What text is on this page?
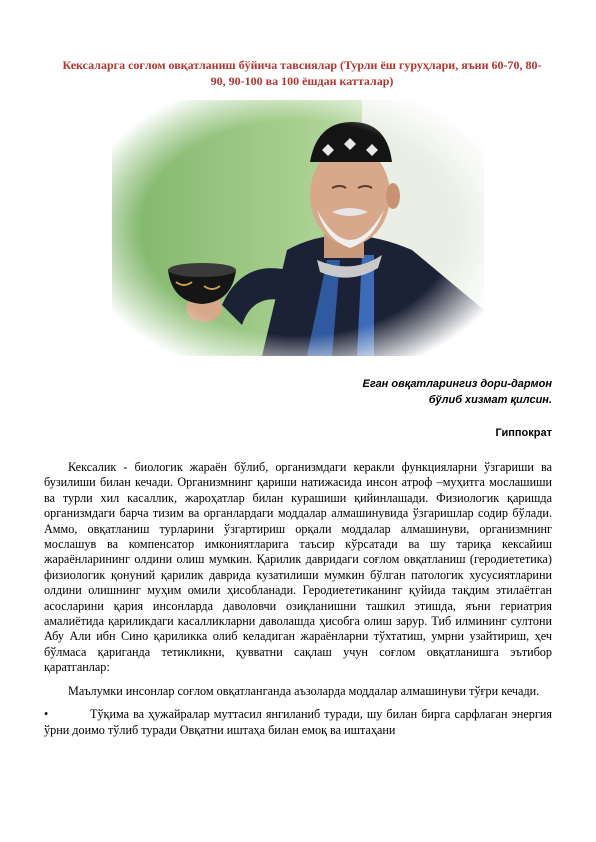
Кексаларга соғлом овқатланиш бўйича тавсиялар (Турли ёш гуруҳлари, яъни 60-70, 80-90, 90-100 ва 100 ёшдан катталар)
Еган овқатларингиз дори-дармон
бўлиб хизмат қилсин.
Гиппократ

Кексалик - биологик жараён бўлиб, организмдаги керакли функцияларни ўзгариши ва бузилиши билан кечади. Организмнинг қариши натижасида инсон атроф –муҳитга мослашиши ва турли хил касаллик, жароҳатлар билан курашиши қийинлашади. Физиологик қаришда организмдаги барча тизим ва органлардаги моддалар алмашинувида ўзгаришлар содир бўлади. Аммо, овқатланиш турларини ўзгартириш орқали моддалар алмашинуви, организмнинг мослашув ва компенсатор имкониятларига таъсир кўрсатади ва шу тариқа кексайиш жараёнларининг олдини олиш мумкин. Қарилик давридаги соғлом овқатланиш (геродиететика) физиологик қонуний қарилик даврида кузатилиши мумкин бўлган патологик хусусиятларини олдини олишнинг муҳим омили ҳисобланади. Геродиететиканинг қуйида тақдим этилаётган асосларини қария инсонларда даволовчи озиқланишни ташкил этишда, яъни гериатрия амалиётида қариликдаги касалликларни даволашда ҳисобга олиш зарур. Тиб илмининг султони Абу Али ибн Сино қариликка олиб келадиган жараёнларни тўхтатиш, умрни узайтириш, ҳеч бўлмаса қариганда тетикликни, қувватни сақлаш учун соғлом овқатланишга эътибор қаратганлар:

Маълумки инсонлар соғлом овқатланганда аъзоларда моддалар алмашинуви тўғри кечади.

•	Тўқима ва ҳужайралар муттасил янгиланиб туради, шу билан бирга сарфлаган энергия ўрни доимо тўлиб туради Овқатни иштаҳа билан емоқ ва иштаҳани
